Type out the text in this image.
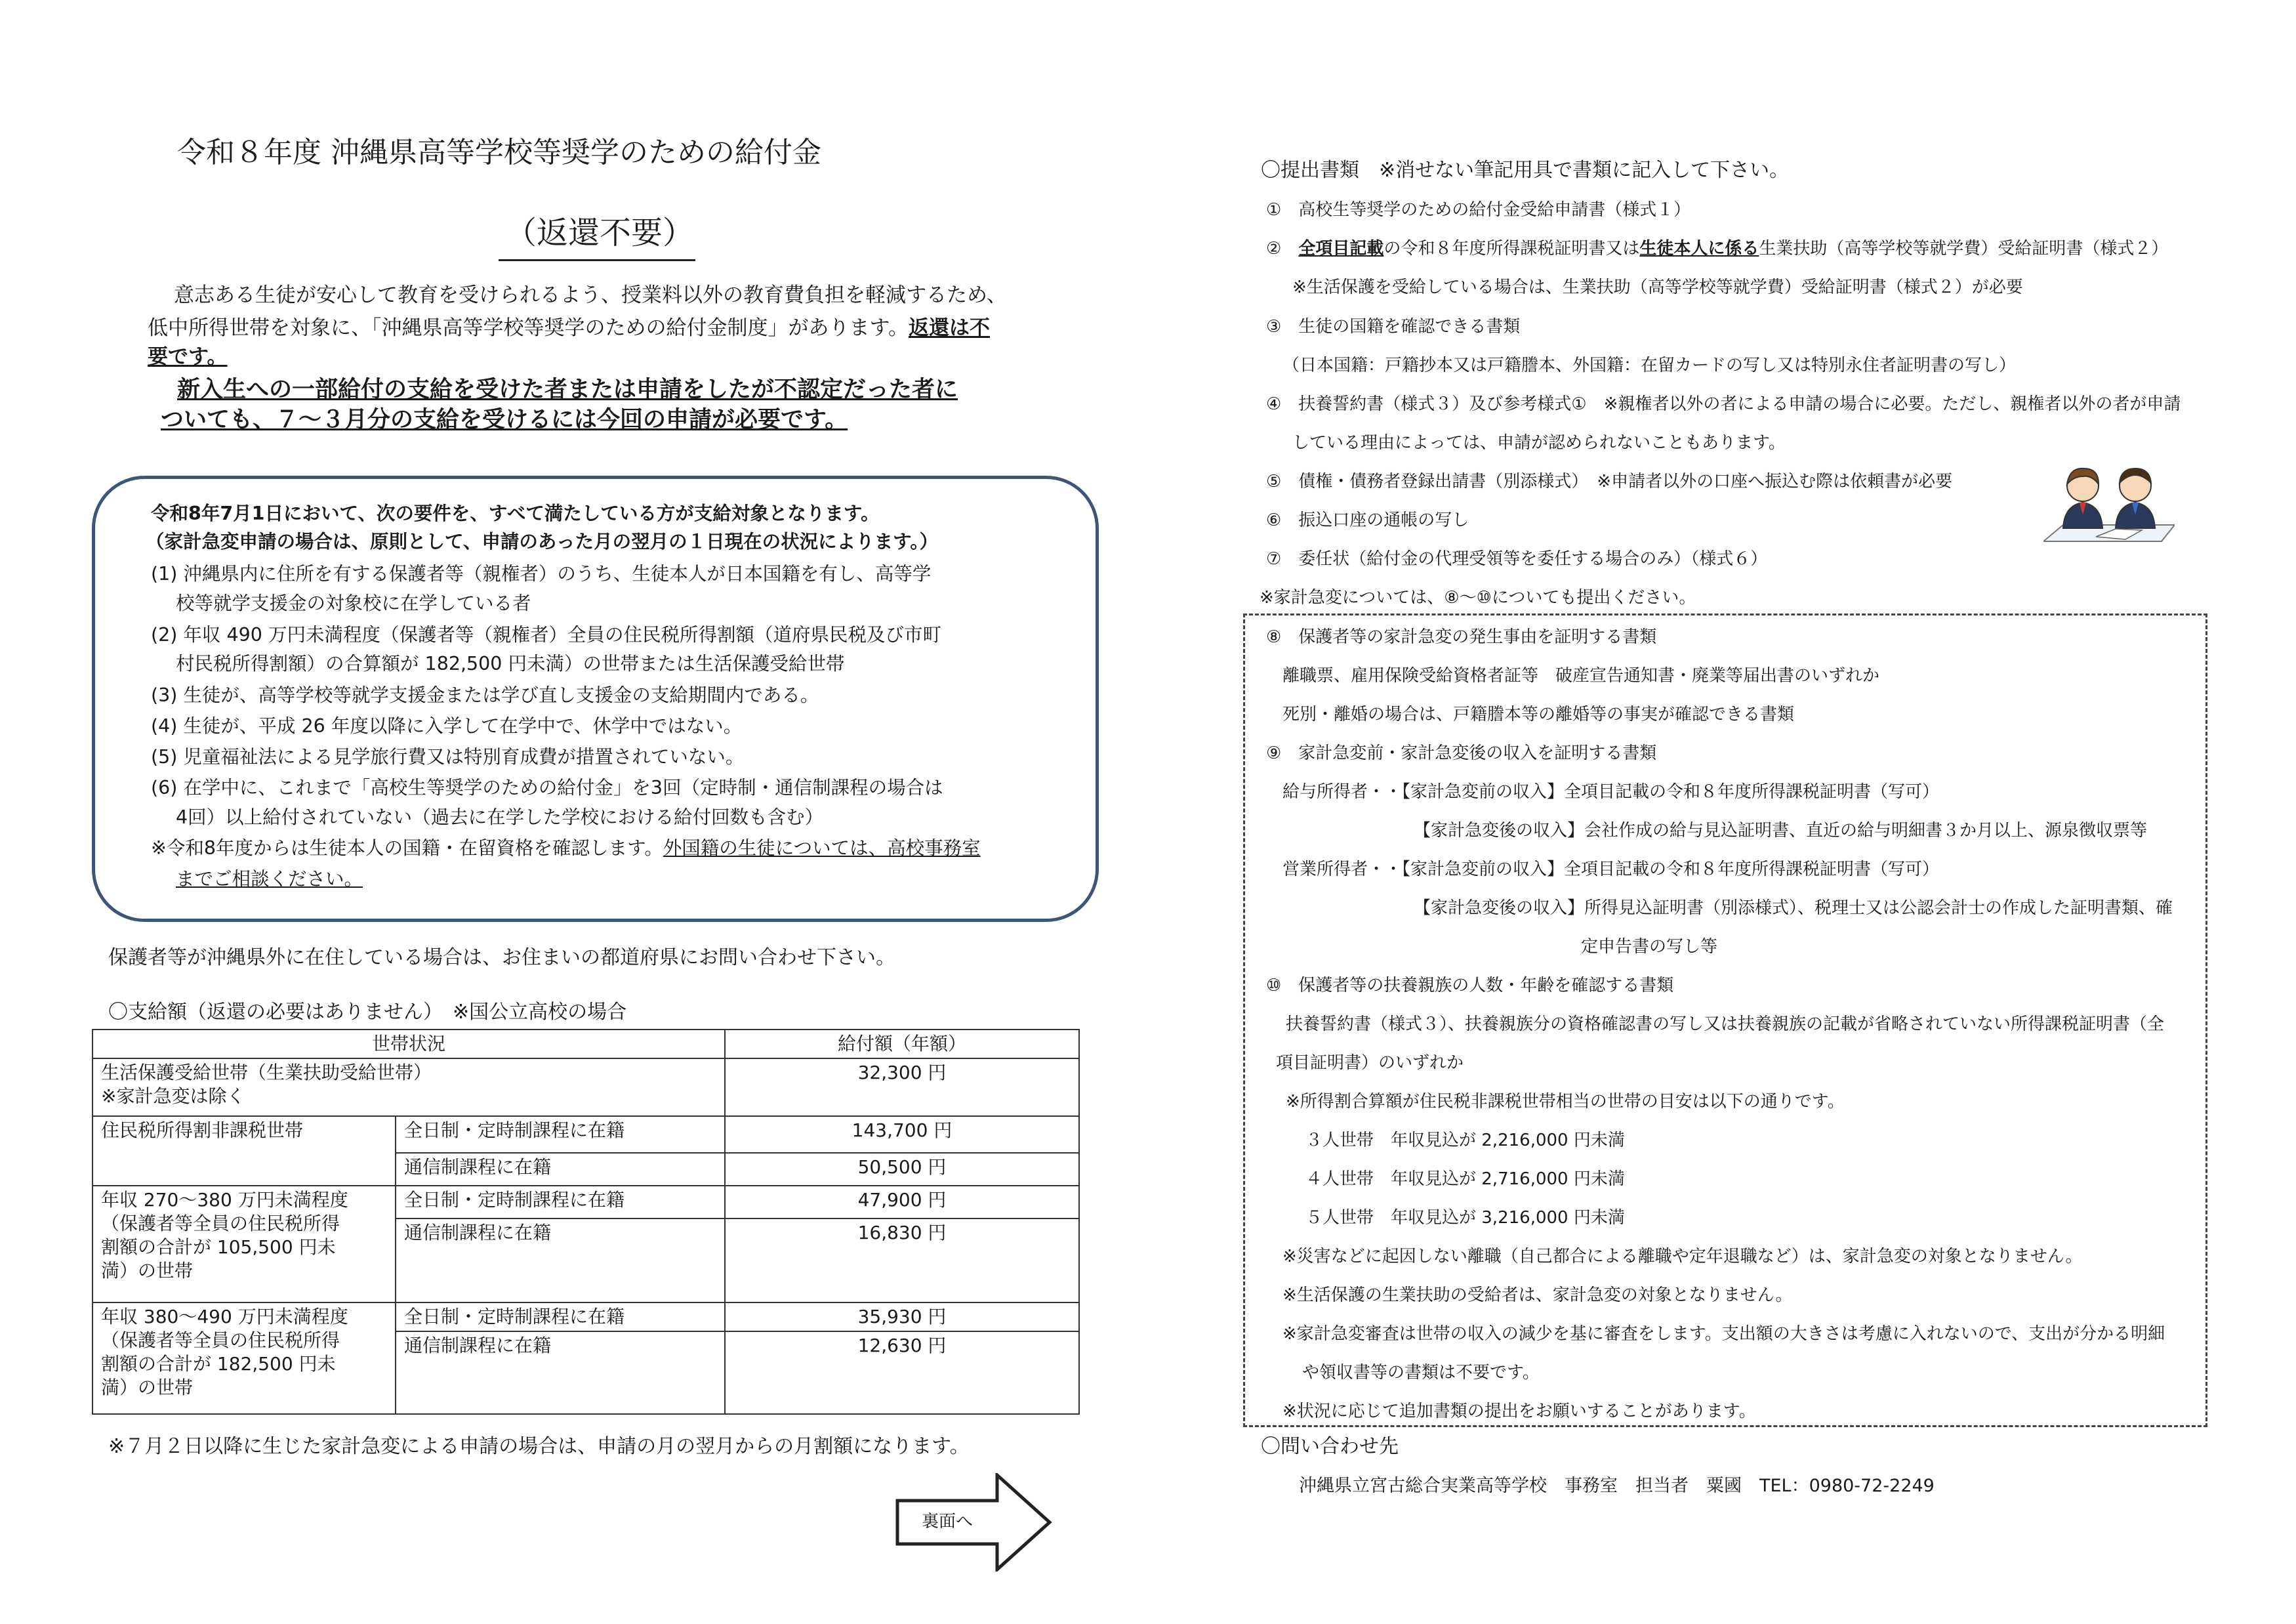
令和８年度 沖縄県高等学校等奨学のための給付金
（返還不要）
意志ある生徒が安心して教育を受けられるよう、授業料以外の教育費負担を軽減するため、
低中所得世帯を対象に、「沖縄県高等学校等奨学のための給付金制度」があります。返還は不
要です。
新入生への一部給付の支給を受けた者または申請をしたが不認定だった者に
ついても、７～３月分の支給を受けるには今回の申請が必要です。
令和8年7月1日において、次の要件を、すべて満たしている方が支給対象となります。
（家計急変申請の場合は、原則として、申請のあった月の翌月の１日現在の状況によります。）
(1) 沖縄県内に住所を有する保護者等（親権者）のうち、生徒本人が日本国籍を有し、高等学
校等就学支援金の対象校に在学している者
(2) 年収 490 万円未満程度（保護者等（親権者）全員の住民税所得割額（道府県民税及び市町
村民税所得割額）の合算額が 182,500 円未満）の世帯または生活保護受給世帯
(3) 生徒が、高等学校等就学支援金または学び直し支援金の支給期間内である。
(4) 生徒が、平成 26 年度以降に入学して在学中で、休学中ではない。
(5) 児童福祉法による見学旅行費又は特別育成費が措置されていない。
(6) 在学中に、これまで「高校生等奨学のための給付金」を3回（定時制・通信制課程の場合は
4回）以上給付されていない（過去に在学した学校における給付回数も含む）
※令和8年度からは生徒本人の国籍・在留資格を確認します。外国籍の生徒については、高校事務室
までご相談ください。
保護者等が沖縄県外に在住している場合は、お住まいの都道府県にお問い合わせ下さい。
〇支給額（返還の必要はありません）　※国公立高校の場合
世帯状況		給付額（年額）

生活保護受給世帯（生業扶助受給世帯）
※家計急変は除く		32,300 円
住民税所得割非課税世帯	全日制・定時制課程に在籍	143,700 円
	通信制課程に在籍	50,500 円

年収 270～380 万円未満程度
（保護者等全員の住民税所得
割額の合計が 105,500 円未
満）の世帯	全日制・定時制課程に在籍	47,900 円
	通信制課程に在籍	16,830 円

年収 380～490 万円未満程度
（保護者等全員の住民税所得
割額の合計が 182,500 円未
満）の世帯	全日制・定時制課程に在籍	35,930 円
	通信制課程に在籍	12,630 円
※７月２日以降に生じた家計急変による申請の場合は、申請の月の翌月からの月割額になります。
裏面へ
〇提出書類　※消せない筆記用具で書類に記入して下さい。
①　高校生等奨学のための給付金受給申請書（様式１）
②　全項目記載の令和８年度所得課税証明書又は生徒本人に係る生業扶助（高等学校等就学費）受給証明書（様式２）
※生活保護を受給している場合は、生業扶助（高等学校等就学費）受給証明書（様式２）が必要
③　生徒の国籍を確認できる書類
（日本国籍：戸籍抄本又は戸籍謄本、外国籍：在留カードの写し又は特別永住者証明書の写し）
④　扶養誓約書（様式３）及び参考様式①　※親権者以外の者による申請の場合に必要。ただし、親権者以外の者が申請
している理由によっては、申請が認められないこともあります。
⑤　債権・債務者登録出請書（別添様式）　※申請者以外の口座へ振込む際は依頼書が必要
⑥　振込口座の通帳の写し
⑦　委任状（給付金の代理受領等を委任する場合のみ）（様式６）
※家計急変については、⑧～⑩についても提出ください。
⑧　保護者等の家計急変の発生事由を証明する書類
離職票、雇用保険受給資格者証等　破産宣告通知書・廃業等届出書のいずれか
死別・離婚の場合は、戸籍謄本等の離婚等の事実が確認できる書類
⑨　家計急変前・家計急変後の収入を証明する書類
給与所得者・・【家計急変前の収入】全項目記載の令和８年度所得課税証明書（写可）
【家計急変後の収入】会社作成の給与見込証明書、直近の給与明細書３か月以上、源泉徴収票等
営業所得者・・【家計急変前の収入】全項目記載の令和８年度所得課税証明書（写可）
【家計急変後の収入】所得見込証明書（別添様式）、税理士又は公認会計士の作成した証明書類、確
定申告書の写し等
⑩　保護者等の扶養親族の人数・年齢を確認する書類
扶養誓約書（様式３）、扶養親族分の資格確認書の写し又は扶養親族の記載が省略されていない所得課税証明書（全
項目証明書）のいずれか
※所得割合算額が住民税非課税世帯相当の世帯の目安は以下の通りです。
３人世帯　年収見込が 2,216,000 円未満
４人世帯　年収見込が 2,716,000 円未満
５人世帯　年収見込が 3,216,000 円未満
※災害などに起因しない離職（自己都合による離職や定年退職など）は、家計急変の対象となりません。
※生活保護の生業扶助の受給者は、家計急変の対象となりません。
※家計急変審査は世帯の収入の減少を基に審査をします。支出額の大きさは考慮に入れないので、支出が分かる明細
や領収書等の書類は不要です。
※状況に応じて追加書類の提出をお願いすることがあります。
〇問い合わせ先
沖縄県立宮古総合実業高等学校　事務室　担当者　粟國　TEL：0980-72-2249
